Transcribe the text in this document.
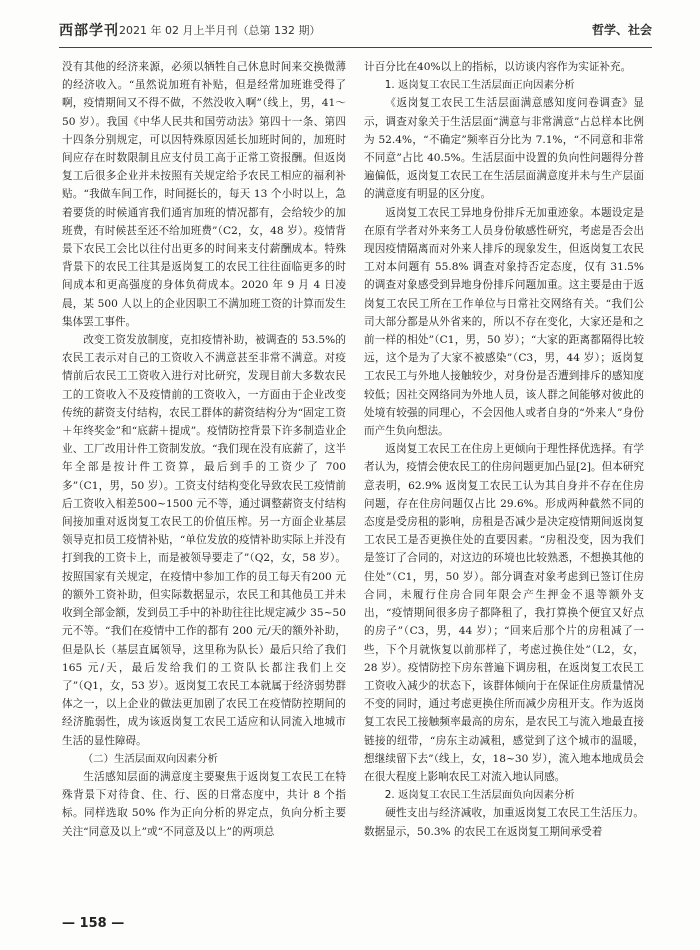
西部学刊 2021 年 02 月上半月刊（总第 132 期）	哲学、社会

没有其他的经济来源，必须以牺牲自己休息时间来交换微薄的经济收入。“虽然说加班有补贴，但是经常加班谁受得了啊，疫情期间又不得不做，不然没收入啊”（线上，男，41～50 岁）。我国《中华人民共和国劳动法》第四十一条、第四十四条分别规定，可以因特殊原因延长加班时间的，加班时间应存在时数限制且应支付员工高于正常工资报酬。但返岗复工后很多企业并未按照有关规定给予农民工相应的福利补贴。“我做车间工作，时间挺长的，每天 13 个小时以上，急着要货的时候通宵我们通宵加班的情况都有，会给较少的加班费，有时候甚至还不给加班费”（C2，女，48 岁）。疫情背景下农民工会比以往付出更多的时间来支付薪酬成本。特殊背景下的农民工往其是返岗复工的农民工往往面临更多的时间成本和更高强度的身体负荷成本。2020 年 9 月 4 日凌晨，某 500 人以上的企业因职工不满加班工资的计算而发生集体罢工事件。

改变工资发放制度，克扣疫情补助，被调查的 53.5%的农民工表示对自己的工资收入不满意甚至非常不满意。对疫情前后农民工工资收入进行对比研究，发现目前大多数农民工的工资收入不及疫情前的工资收入，一方面由于企业改变传统的薪资支付结构，农民工群体的薪资结构分为“固定工资＋年终奖金”和“底薪＋提成”。疫情防控背景下许多制造业企业、工厂改用计件工资制发放。“我们现在没有底薪了，这半年全部是按计件工资算，最后到手的工资少了 700 多”（C1，男，50 岁）。工资支付结构变化导致农民工疫情前后工资收入相差500~1500 元不等，通过调整薪资支付结构间接加重对返岗复工农民工的价值压榨。另一方面企业基层领导克扣员工疫情补贴，“单位发放的疫情补助实际上并没有打到我的工资卡上，而是被领导要走了”（Q2，女，58 岁）。按照国家有关规定，在疫情中参加工作的员工每天有200 元的额外工资补助，但实际数据显示，农民工和其他员工并未收到全部金额，发到员工手中的补助往往比规定减少 35~50 元不等。“我们在疫情中工作的都有 200 元/天的额外补助，但是队长（基层直属领导，这里称为队长）最后只给了我们 165 元/天，最后发给我们的工资队长都注我们上交了”（Q1，女，53 岁）。返岗复工农民工本就属于经济弱势群体之一，以上企业的做法更加剧了农民工在疫情防控期间的经济脆弱性，成为该返岗复工农民工适应和认同流入地城市生活的显性障碍。

（二）生活层面双向因素分析

生活感知层面的满意度主要聚焦于返岗复工农民工在特殊背景下对待食、住、行、医的日常态度中，共计 8 个指标。同样选取 50% 作为正向分析的界定点，负向分析主要关注“同意及以上”或“不同意及以上”的两项总

计百分比在40%以上的指标，以访谈内容作为实证补充。

1. 返岗复工农民工生活层面正向因素分析

《返岗复工农民工生活层面满意感知度问卷调查》显示，调查对象关于生活层面“满意与非常满意”占总样本比例为 52.4%，“不确定”频率百分比为 7.1%，“不同意和非常不同意”占比 40.5%。生活层面中设置的负向性问题得分普遍偏低，返岗复工农民工在生活层面满意度并未与生产层面的满意度有明显的区分度。

返岗复工农民工异地身份排斥无加重迹象。本题设定是在原有学者对外来务工人员身份敏感性研究，考虑是否会出现因疫情隔离而对外来人排斥的现象发生，但返岗复工农民工对本问题有 55.8% 调查对象持否定态度，仅有 31.5% 的调查对象感受到异地身份排斥问题加重。这主要是由于返岗复工农民工所在工作单位与日常社交网络有关。“我们公司大部分都是从外省来的，所以不存在变化，大家还是和之前一样的相处”（C1，男，50 岁）；“大家的距离都隔得比较远，这个是为了大家不被感染”（C3，男，44 岁）；返岗复工农民工与外地人接触较少，对身份是否遭到排斥的感知度较低；因社交网络同为外地人员，该人群之间能够对彼此的处境有较强的同理心，不会因他人或者自身的“外来人”身份而产生负向想法。

返岗复工农民工在住房上更倾向于理性择优选择。有学者认为，疫情会使农民工的住房问题更加凸显[2]。但本研究意表明，62.9% 返岗复工农民工认为其自身并不存在住房问题，存在住房问题仅占比 29.6%。形成两种截然不同的态度是受房租的影响，房租是否减少是决定疫情期间返岗复工农民工是否更换住处的直要因素。“房租没变，因为我们是签订了合同的，对这边的环境也比较熟悉，不想换其他的住处”（C1，男，50 岁）。部分调查对象考虑到已签订住房合同，未履行住房合同年限会产生押金不退等额外支出，“疫情期间很多房子都降租了，我打算换个便宜又好点的房子”（C3，男，44 岁）；“回来后那个片的房租减了一些，下个月就恢复以前那样了，考虑过换住处”（L2，女，28 岁）。疫情防控下房东普遍下调房租，在返岗复工农民工工资收入减少的状态下，该群体倾向于在保证住房质量情况不变的同时，通过考虑更换住所而减少房租开支。作为返岗复工农民工接触频率最高的房东，是农民工与流入地最直接链接的纽带，“房东主动减租，感觉到了这个城市的温暖，想继续留下去”（线上，女，18~30 岁），流入地本地成员会在很大程度上影响农民工对流入地认同感。

2. 返岗复工农民工生活层面负向因素分析

硬性支出与经济减收，加重返岗复工农民工生活压力。数据显示，50.3% 的农民工在返岗复工期间承受着

— 158 —
